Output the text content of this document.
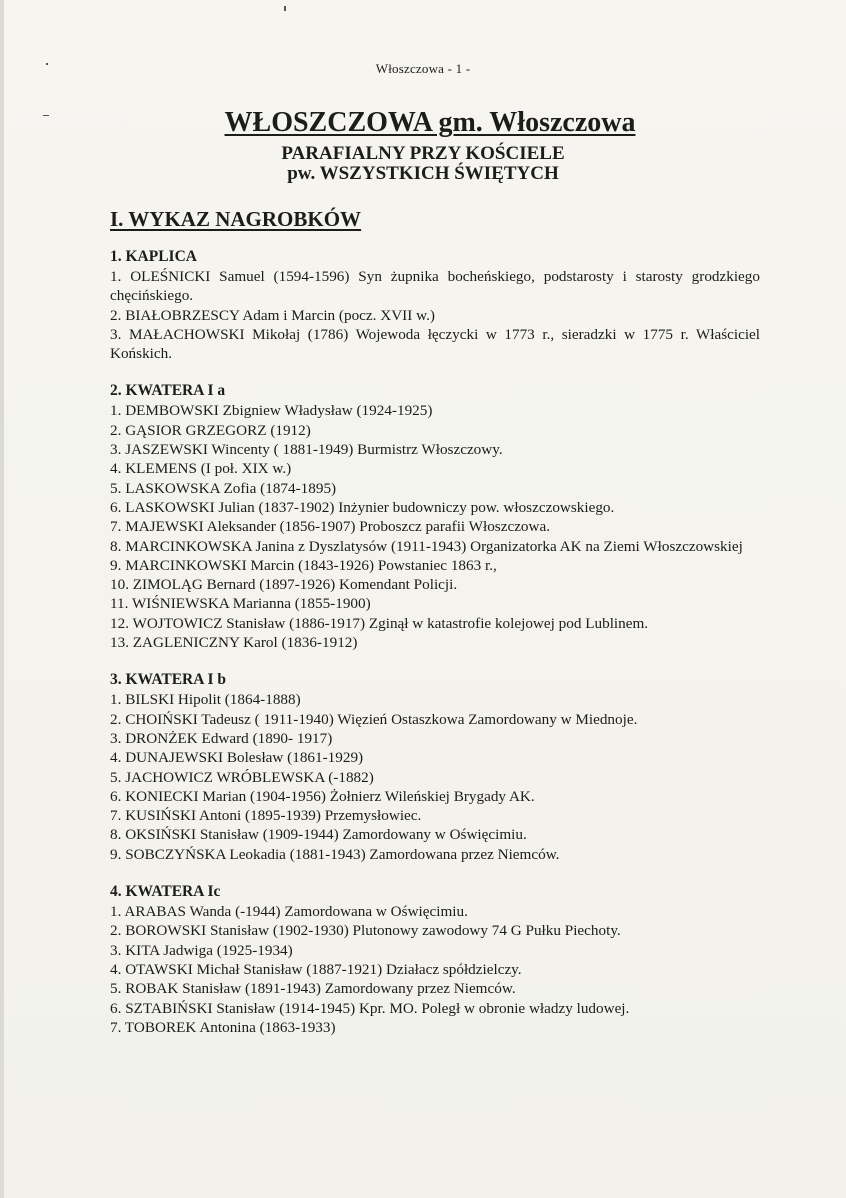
Włoszczowa - 1 -
WŁOSZCZOWA gm. Włoszczowa
PARAFIALNY PRZY KOŚCIELE
pw. WSZYSTKICH ŚWIĘTYCH
I. WYKAZ NAGROBKÓW
1. KAPLICA
1. OLEŚNICKI Samuel (1594-1596) Syn żupnika bocheńskiego, podstarosty i starosty grodzkiego chęcińskiego.
2. BIAŁOBRZESCY Adam i Marcin (pocz. XVII w.)
3. MAŁACHOWSKI Mikołaj (1786) Wojewoda łęczycki w 1773 r., sieradzki w 1775 r. Właściciel Końskich.
2. KWATERA I a
1. DEMBOWSKI Zbigniew Władysław (1924-1925)
2. GĄSIOR GRZEGORZ (1912)
3. JASZEWSKI Wincenty ( 1881-1949) Burmistrz Włoszczowy.
4. KLEMENS (I poł. XIX w.)
5. LASKOWSKA Zofia (1874-1895)
6. LASKOWSKI Julian (1837-1902) Inżynier budowniczy pow. włoszczowskiego.
7. MAJEWSKI Aleksander (1856-1907) Proboszcz parafii Włoszczowa.
8. MARCINKOWSKA Janina z Dyszlatysów (1911-1943) Organizatorka AK na Ziemi Włoszczowskiej
9. MARCINKOWSKI Marcin (1843-1926) Powstaniec 1863 r.,
10. ZIMOLĄG Bernard (1897-1926) Komendant Policji.
11. WIŚNIEWSKA Marianna (1855-1900)
12. WOJTOWICZ Stanisław (1886-1917) Zginął w katastrofie kolejowej pod Lublinem.
13. ZAGLENICZNY Karol (1836-1912)
3. KWATERA I b
1. BILSKI Hipolit (1864-1888)
2. CHOIŃSKI Tadeusz ( 1911-1940) Więzień Ostaszkowa Zamordowany w Miednoje.
3. DRONŻEK Edward (1890- 1917)
4. DUNAJEWSKI Bolesław (1861-1929)
5. JACHOWICZ WRÓBLEWSKA (-1882)
6. KONIECKI Marian (1904-1956) Żołnierz Wileńskiej Brygady AK.
7. KUSIŃSKI Antoni (1895-1939) Przemysłowiec.
8. OKSIŃSKI Stanisław (1909-1944) Zamordowany w Oświęcimiu.
9. SOBCZYŃSKA Leokadia (1881-1943) Zamordowana przez Niemców.
4. KWATERA Ic
1. ARABAS Wanda (-1944) Zamordowana w Oświęcimiu.
2. BOROWSKI Stanisław (1902-1930) Plutonowy zawodowy 74 G Pułku Piechoty.
3. KITA Jadwiga (1925-1934)
4. OTAWSKI Michał Stanisław (1887-1921) Działacz spółdzielczy.
5. ROBAK Stanisław (1891-1943) Zamordowany przez Niemców.
6. SZTABIŃSKI Stanisław (1914-1945) Kpr. MO. Poległ w obronie władzy ludowej.
7. TOBOREK Antonina (1863-1933)
